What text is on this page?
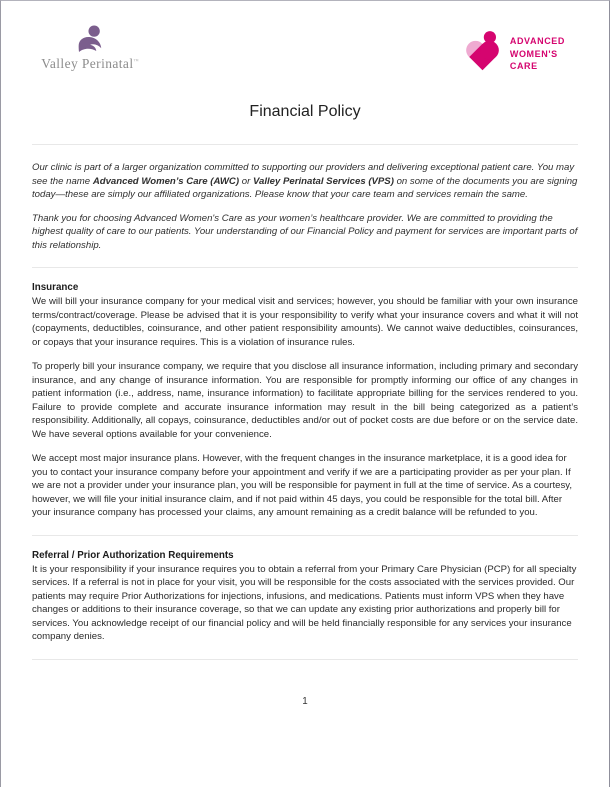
Valley Perinatal™
ADVANCED
WOMEN'S
CARE
Financial Policy

Our clinic is part of a larger organization committed to supporting our providers and delivering exceptional patient care. You may see the name Advanced Women’s Care (AWC) or Valley Perinatal Services (VPS) on some of the documents you are signing today—these are simply our affiliated organizations. Please know that your care team and services remain the same.

Thank you for choosing Advanced Women's Care as your women’s healthcare provider. We are committed to providing the highest quality of care to our patients. Your understanding of our Financial Policy and payment for services are important parts of this relationship.

Insurance

We will bill your insurance company for your medical visit and services; however, you should be familiar with your own insurance terms/contract/coverage. Please be advised that it is your responsibility to verify what your insurance covers and what it will not (copayments, deductibles, coinsurance, and other patient responsibility amounts). We cannot waive deductibles, coinsurances, or copays that your insurance requires. This is a violation of insurance rules.

To properly bill your insurance company, we require that you disclose all insurance information, including primary and secondary insurance, and any change of insurance information. You are responsible for promptly informing our office of any changes in patient information (i.e., address, name, insurance information) to facilitate appropriate billing for the services rendered to you. Failure to provide complete and accurate insurance information may result in the bill being categorized as a patient’s responsibility. Additionally, all copays, coinsurance, deductibles and/or out of pocket costs are due before or on the service date. We have several options available for your convenience.

We accept most major insurance plans. However, with the frequent changes in the insurance marketplace, it is a good idea for you to contact your insurance company before your appointment and verify if we are a participating provider as per your plan. If we are not a provider under your insurance plan, you will be responsible for payment in full at the time of service. As a courtesy, however, we will file your initial insurance claim, and if not paid within 45 days, you could be responsible for the total bill. After your insurance company has processed your claims, any amount remaining as a credit balance will be refunded to you.

Referral / Prior Authorization Requirements

It is your responsibility if your insurance requires you to obtain a referral from your Primary Care Physician (PCP) for all specialty services. If a referral is not in place for your visit, you will be responsible for the costs associated with the services provided. Our patients may require Prior Authorizations for injections, infusions, and medications. Patients must inform VPS when they have changes or additions to their insurance coverage, so that we can update any existing prior authorizations and properly bill for services. You acknowledge receipt of our financial policy and will be held financially responsible for any services your insurance company denies.

1
